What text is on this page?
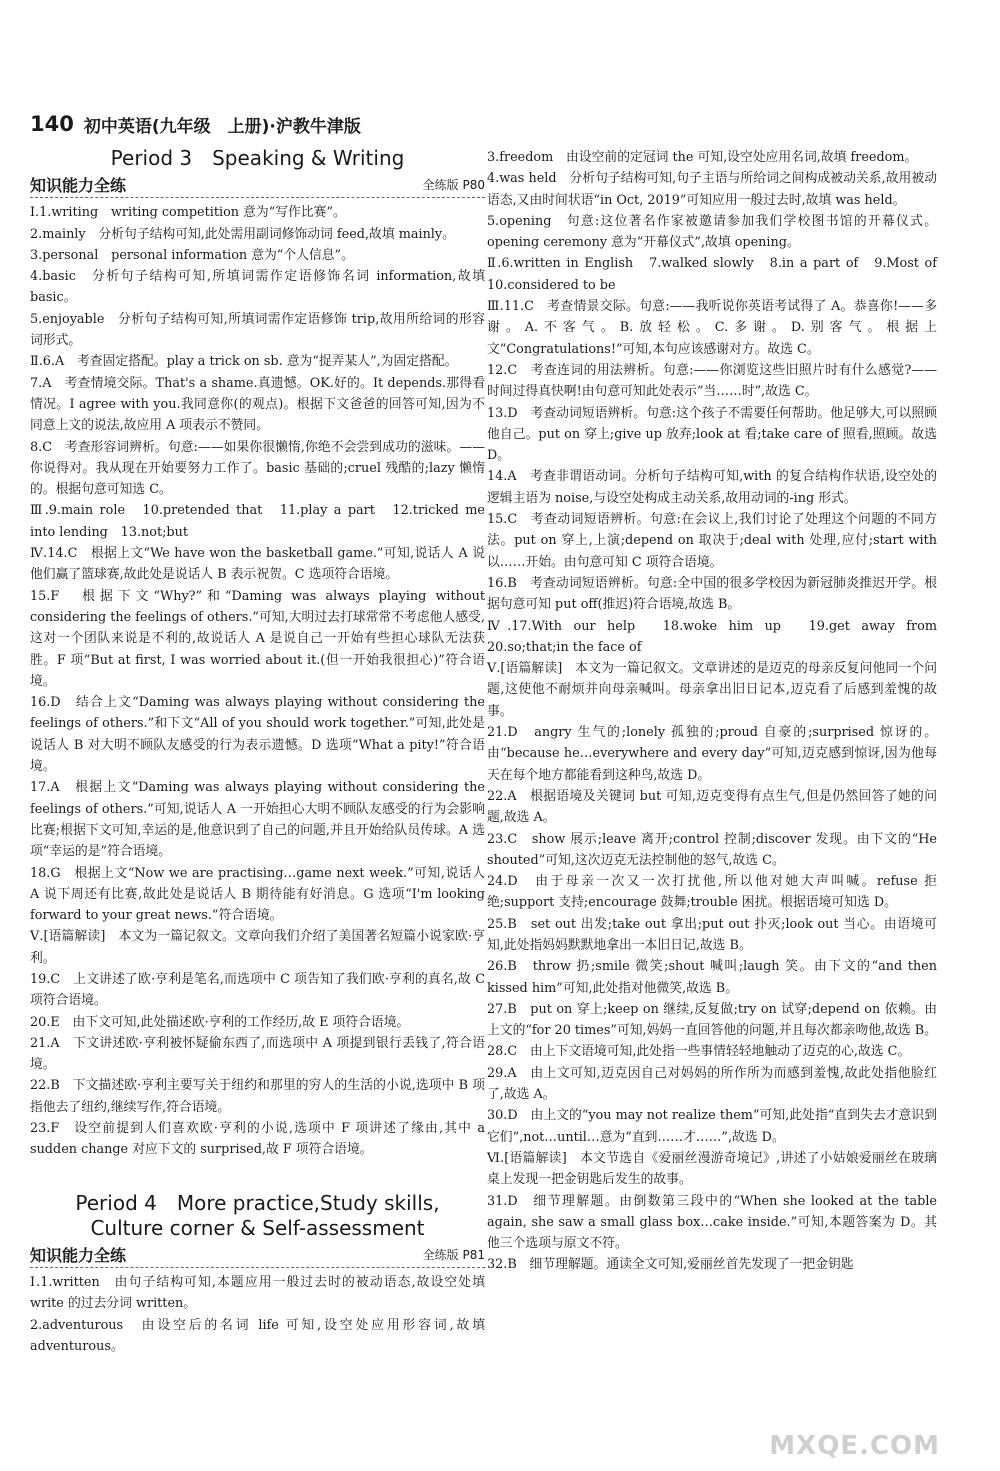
140 初中英语(九年级　上册)·沪教牛津版
Period 3　Speaking & Writing
知识能力全练	全练版 P80

Ⅰ.1.writing　writing competition 意为“写作比赛”。

2.mainly　分析句子结构可知,此处需用副词修饰动词 feed,故填 mainly。

3.personal　personal information 意为“个人信息”。

4.basic　分析句子结构可知,所填词需作定语修饰名词 information,故填 basic。

5.enjoyable　分析句子结构可知,所填词需作定语修饰 trip,故用所给词的形容词形式。

Ⅱ.6.A　考查固定搭配。play a trick on sb. 意为“捉弄某人”,为固定搭配。

7.A　考查情境交际。That's a shame.真遗憾。OK.好的。It depends.那得看情况。I agree with you.我同意你(的观点)。根据下文爸爸的回答可知,因为不同意上文的说法,故应用 A 项表示不赞同。

8.C　考查形容词辨析。句意:——如果你很懒惰,你绝不会尝到成功的滋味。——你说得对。我从现在开始要努力工作了。basic 基础的;cruel 残酷的;lazy 懒惰的。根据句意可知选 C。

Ⅲ.9.main role　10.pretended that　11.play a part　12.tricked me into lending　13.not;but

Ⅳ.14.C　根据上文“We have won the basketball game.”可知,说话人 A 说他们赢了篮球赛,故此处是说话人 B 表示祝贺。C 选项符合语境。

15.F　根据下文“Why?”和“Daming was always playing without considering the feelings of others.”可知,大明过去打球常常不考虑他人感受,这对一个团队来说是不利的,故说话人 A 是说自己一开始有些担心球队无法获胜。F 项“But at first, I was worried about it.(但一开始我很担心)”符合语境。

16.D　结合上文“Daming was always playing without considering the feelings of others.”和下文“All of you should work together.”可知,此处是说话人 B 对大明不顾队友感受的行为表示遗憾。D 选项“What a pity!”符合语境。

17.A　根据上文“Daming was always playing without considering the feelings of others.”可知,说话人 A 一开始担心大明不顾队友感受的行为会影响比赛;根据下文可知,幸运的是,他意识到了自己的问题,并且开始给队员传球。A 选项“幸运的是”符合语境。

18.G　根据上文“Now we are practising…game next week.”可知,说话人 A 说下周还有比赛,故此处是说话人 B 期待能有好消息。G 选项“I'm looking forward to your great news.”符合语境。

Ⅴ.[语篇解读]　本文为一篇记叙文。文章向我们介绍了美国著名短篇小说家欧·亨利。

19.C　上文讲述了欧·亨利是笔名,而选项中 C 项告知了我们欧·亨利的真名,故 C 项符合语境。

20.E　由下文可知,此处描述欧·亨利的工作经历,故 E 项符合语境。

21.A　下文讲述欧·亨利被怀疑偷东西了,而选项中 A 项提到银行丢钱了,符合语境。

22.B　下文描述欧·亨利主要写关于纽约和那里的穷人的生活的小说,选项中 B 项指他去了纽约,继续写作,符合语境。

23.F　设空前提到人们喜欢欧·亨利的小说,选项中 F 项讲述了缘由,其中 a sudden change 对应下文的 surprised,故 F 项符合语境。

Period 4　More practice,Study skills,
Culture corner & Self-assessment
知识能力全练	全练版 P81

Ⅰ.1.written　由句子结构可知,本题应用一般过去时的被动语态,故设空处填 write 的过去分词 written。

2.adventurous　由设空后的名词 life 可知,设空处应用形容词,故填 adventurous。

3.freedom　由设空前的定冠词 the 可知,设空处应用名词,故填 freedom。

4.was held　分析句子结构可知,句子主语与所给词之间构成被动关系,故用被动语态,又由时间状语“in Oct, 2019”可知应用一般过去时,故填 was held。

5.opening　句意:这位著名作家被邀请参加我们学校图书馆的开幕仪式。opening ceremony 意为“开幕仪式”,故填 opening。

Ⅱ.6.written in English　7.walked slowly　8.in a part of　9.Most of　10.considered to be

Ⅲ.11.C　考查情景交际。句意:——我听说你英语考试得了 A。恭喜你!——多谢。A.不客气。B.放轻松。C.多谢。D.别客气。根据上文“Congratulations!”可知,本句应该感谢对方。故选 C。

12.C　考查连词的用法辨析。句意:——你浏览这些旧照片时有什么感觉?——时间过得真快啊!由句意可知此处表示“当……时”,故选 C。

13.D　考查动词短语辨析。句意:这个孩子不需要任何帮助。他足够大,可以照顾他自己。put on 穿上;give up 放弃;look at 看;take care of 照看,照顾。故选 D。

14.A　考查非谓语动词。分析句子结构可知,with 的复合结构作状语,设空处的逻辑主语为 noise,与设空处构成主动关系,故用动词的-ing 形式。

15.C　考查动词短语辨析。句意:在会议上,我们讨论了处理这个问题的不同方法。put on 穿上,上演;depend on 取决于;deal with 处理,应付;start with 以……开始。由句意可知 C 项符合语境。

16.B　考查动词短语辨析。句意:全中国的很多学校因为新冠肺炎推迟开学。根据句意可知 put off(推迟)符合语境,故选 B。

Ⅳ.17.With our help　18.woke him up　19.get away from　20.so;that;in the face of

Ⅴ.[语篇解读]　本文为一篇记叙文。文章讲述的是迈克的母亲反复问他同一个问题,这使他不耐烦并向母亲喊叫。母亲拿出旧日记本,迈克看了后感到羞愧的故事。

21.D　angry 生气的;lonely 孤独的;proud 自豪的;surprised 惊讶的。由“because he…everywhere and every day”可知,迈克感到惊讶,因为他每天在每个地方都能看到这种鸟,故选 D。

22.A　根据语境及关键词 but 可知,迈克变得有点生气,但是仍然回答了她的问题,故选 A。

23.C　show 展示;leave 离开;control 控制;discover 发现。由下文的“He shouted”可知,这次迈克无法控制他的怒气,故选 C。

24.D　由于母亲一次又一次打扰他,所以他对她大声叫喊。refuse 拒绝;support 支持;encourage 鼓舞;trouble 困扰。根据语境可知选 D。

25.B　set out 出发;take out 拿出;put out 扑灭;look out 当心。由语境可知,此处指妈妈默默地拿出一本旧日记,故选 B。

26.B　throw 扔;smile 微笑;shout 喊叫;laugh 笑。由下文的“and then kissed him”可知,此处指对他微笑,故选 B。

27.B　put on 穿上;keep on 继续,反复做;try on 试穿;depend on 依赖。由上文的“for 20 times”可知,妈妈一直回答他的问题,并且每次都亲吻他,故选 B。

28.C　由上下文语境可知,此处指一些事情轻轻地触动了迈克的心,故选 C。

29.A　由上文可知,迈克因自己对妈妈的所作所为而感到羞愧,故此处指他脸红了,故选 A。

30.D　由上文的“you may not realize them”可知,此处指“直到失去才意识到它们”,not…until…意为“直到……才……”,故选 D。

Ⅵ.[语篇解读]　本文节选自《爱丽丝漫游奇境记》,讲述了小姑娘爱丽丝在玻璃桌上发现一把金钥匙后发生的故事。

31.D　细节理解题。由倒数第三段中的“When she looked at the table again, she saw a small glass box…cake inside.”可知,本题答案为 D。其他三个选项与原文不符。

32.B　细节理解题。通读全文可知,爱丽丝首先发现了一把金钥匙

MXQE.COM
